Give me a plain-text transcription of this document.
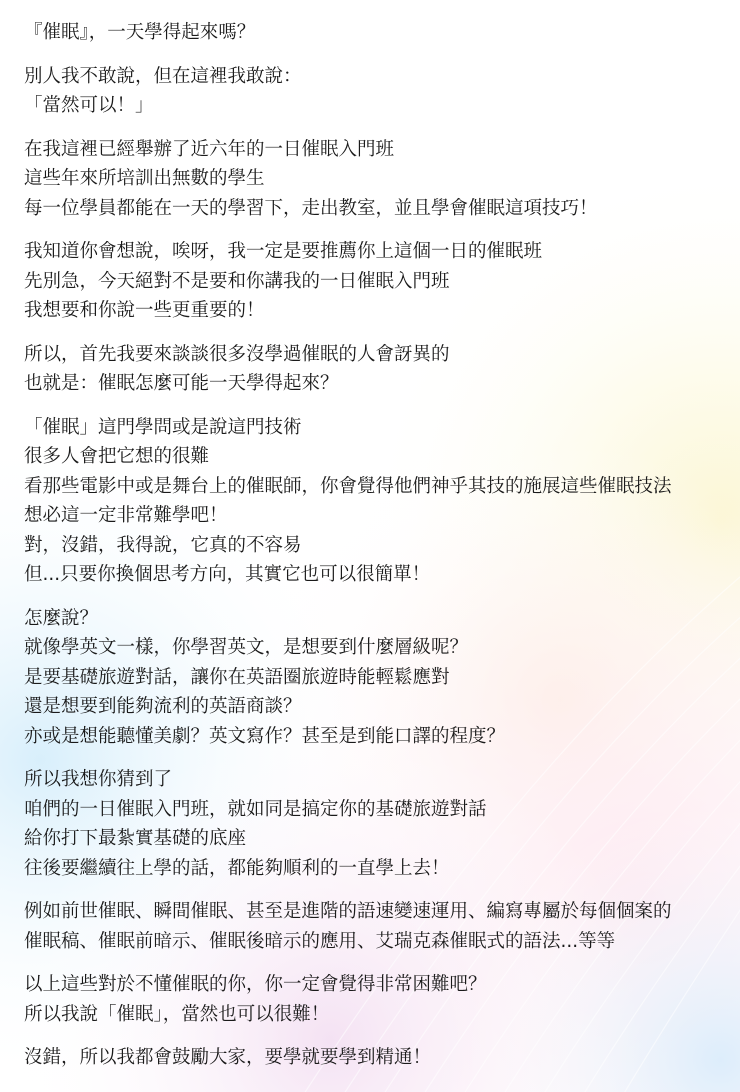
『催眠』，一天學得起來嗎？
別人我不敢說，但在這裡我敢說：
「當然可以！」
在我這裡已經舉辦了近六年的一日催眠入門班
這些年來所培訓出無數的學生
每一位學員都能在一天的學習下，走出教室，並且學會催眠這項技巧！
我知道你會想說，唉呀，我一定是要推薦你上這個一日的催眠班
先別急，今天絕對不是要和你講我的一日催眠入門班
我想要和你說一些更重要的！
所以，首先我要來談談很多沒學過催眠的人會訝異的
也就是：催眠怎麼可能一天學得起來？
「催眠」這門學問或是說這門技術
很多人會把它想的很難
看那些電影中或是舞台上的催眠師，你會覺得他們神乎其技的施展這些催眠技法
想必這一定非常難學吧！
對，沒錯，我得說，它真的不容易
但...只要你換個思考方向，其實它也可以很簡單！
怎麼說？
就像學英文一樣，你學習英文，是想要到什麼層級呢？
是要基礎旅遊對話，讓你在英語圈旅遊時能輕鬆應對
還是想要到能夠流利的英語商談？
亦或是想能聽懂美劇？英文寫作？甚至是到能口譯的程度？
所以我想你猜到了
咱們的一日催眠入門班，就如同是搞定你的基礎旅遊對話
給你打下最紮實基礎的底座
往後要繼續往上學的話，都能夠順利的一直學上去！
例如前世催眠、瞬間催眠、甚至是進階的語速變速運用、編寫專屬於每個個案的
催眠稿、催眠前暗示、催眠後暗示的應用、艾瑞克森催眠式的語法...等等
以上這些對於不懂催眠的你，你一定會覺得非常困難吧？
所以我說「催眠」，當然也可以很難！
沒錯，所以我都會鼓勵大家，要學就要學到精通！
